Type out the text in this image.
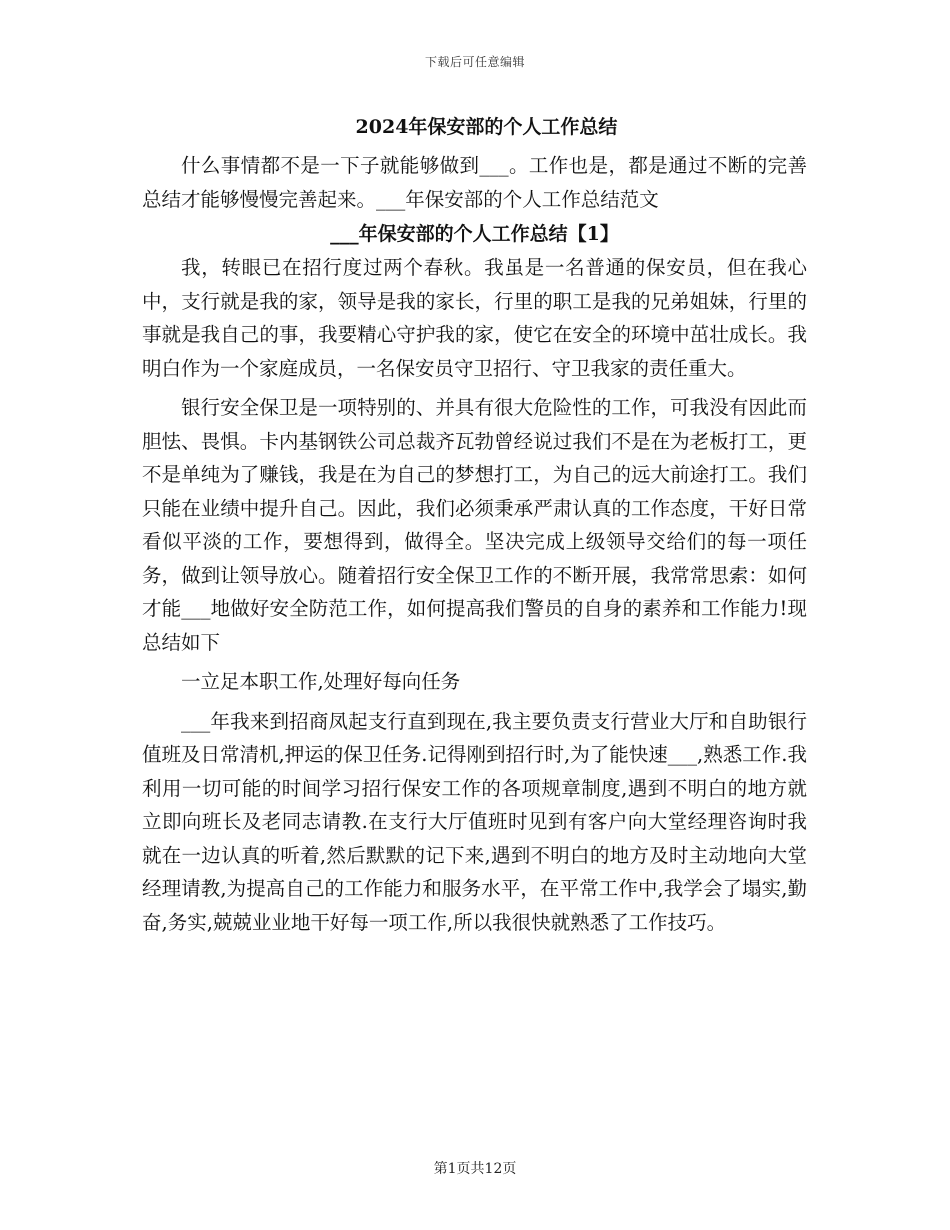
下载后可任意编辑
2024年保安部的个人工作总结

什么事情都不是一下子就能够做到___。工作也是，都是通过不断的完善总结才能够慢慢完善起来。___年保安部的个人工作总结范文

___年保安部的个人工作总结【1】

我，转眼已在招行度过两个春秋。我虽是一名普通的保安员，但在我心中，支行就是我的家，领导是我的家长，行里的职工是我的兄弟姐妹，行里的事就是我自己的事，我要精心守护我的家，使它在安全的环境中茁壮成长。我明白作为一个家庭成员，一名保安员守卫招行、守卫我家的责任重大。

银行安全保卫是一项特别的、并具有很大危险性的工作，可我没有因此而胆怯、畏惧。卡内基钢铁公司总裁齐瓦勃曾经说过我们不是在为老板打工，更不是单纯为了赚钱，我是在为自己的梦想打工，为自己的远大前途打工。我们只能在业绩中提升自己。因此，我们必须秉承严肃认真的工作态度，干好日常看似平淡的工作，要想得到，做得全。坚决完成上级领导交给们的每一项任务，做到让领导放心。随着招行安全保卫工作的不断开展，我常常思索：如何才能___地做好安全防范工作，如何提高我们警员的自身的素养和工作能力!现总结如下

一立足本职工作,处理好每向任务

___年我来到招商凤起支行直到现在,我主要负责支行营业大厅和自助银行值班及日常清机,押运的保卫任务.记得刚到招行时,为了能快速___,熟悉工作.我利用一切可能的时间学习招行保安工作的各项规章制度,遇到不明白的地方就立即向班长及老同志请教.在支行大厅值班时见到有客户向大堂经理咨询时我就在一边认真的听着,然后默默的记下来,遇到不明白的地方及时主动地向大堂经理请教,为提高自己的工作能力和服务水平，在平常工作中,我学会了塌实,勤奋,务实,兢兢业业地干好每一项工作,所以我很快就熟悉了工作技巧。

第1页共12页
